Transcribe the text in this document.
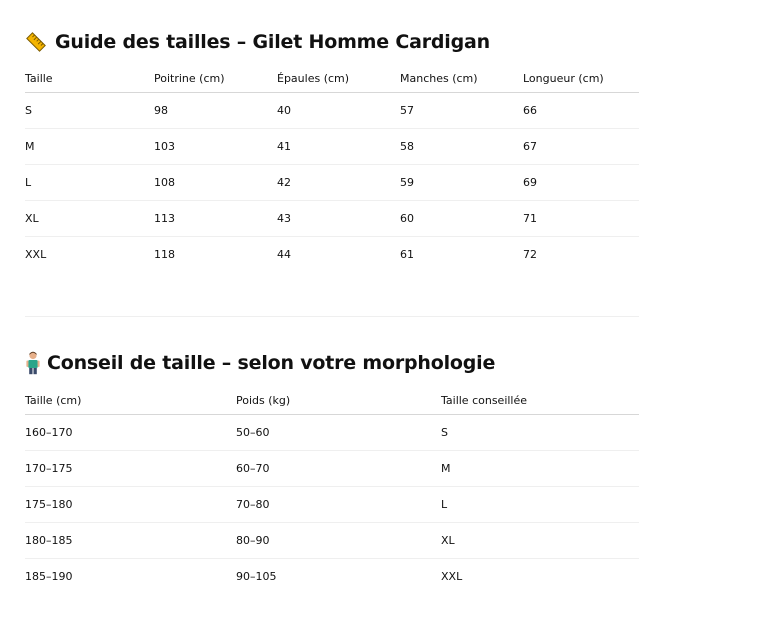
Guide des tailles – Gilet Homme Cardigan
Taille	Poitrine (cm)	Épaules (cm)	Manches (cm)	Longueur (cm)
S	98	40	57	66
M	103	41	58	67
L	108	42	59	69
XL	113	43	60	71
XXL	118	44	61	72
Conseil de taille – selon votre morphologie
Taille (cm)	Poids (kg)	Taille conseillée
160–170	50–60	S
170–175	60–70	M
175–180	70–80	L
180–185	80–90	XL
185–190	90–105	XXL
